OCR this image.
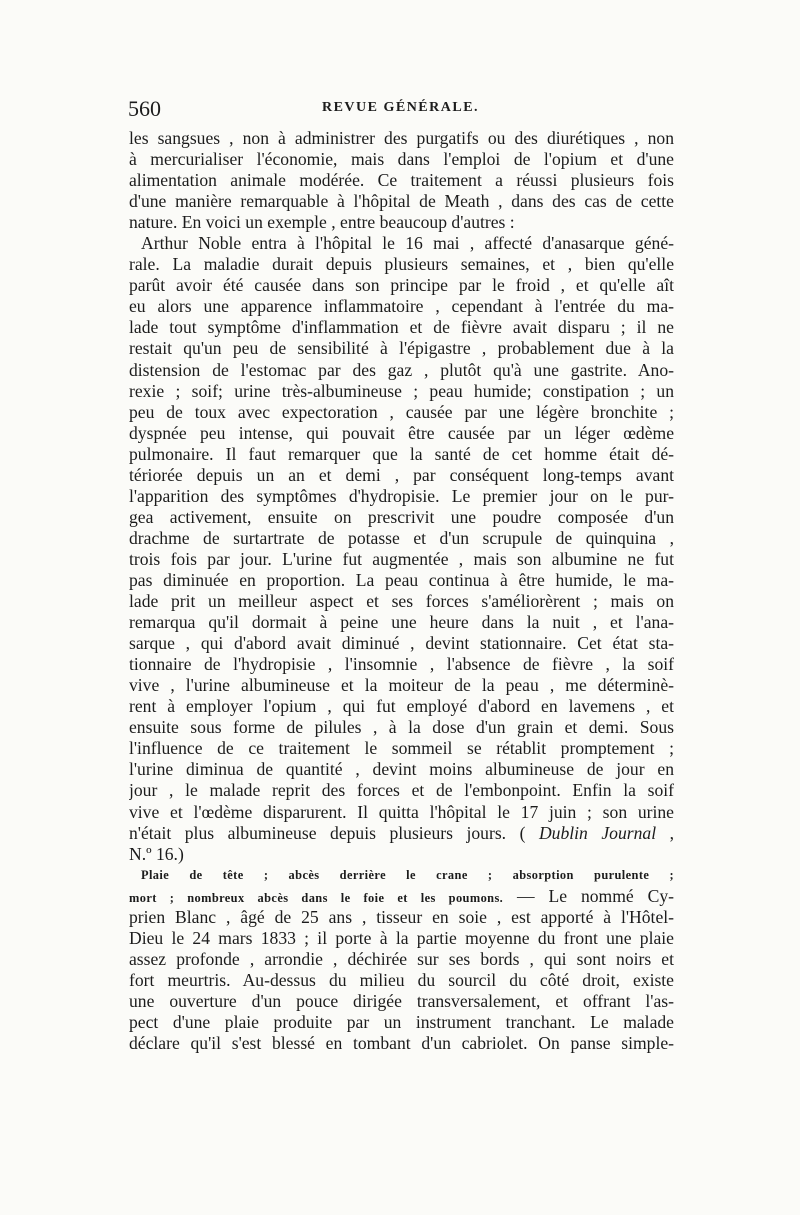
560	REVUE GÉNÉRALE.
les sangsues , non à administrer des purgatifs ou des diurétiques , non
à mercurialiser l'économie, mais dans l'emploi de l'opium et d'une
alimentation animale modérée. Ce traitement a réussi plusieurs fois
d'une manière remarquable à l'hôpital de Meath , dans des cas de cette
nature. En voici un exemple , entre beaucoup d'autres :
Arthur Noble entra à l'hôpital le 16 mai , affecté d'anasarque géné-
rale. La maladie durait depuis plusieurs semaines, et , bien qu'elle
parût avoir été causée dans son principe par le froid , et qu'elle aît
eu alors une apparence inflammatoire , cependant à l'entrée du ma-
lade tout symptôme d'inflammation et de fièvre avait disparu ; il ne
restait qu'un peu de sensibilité à l'épigastre , probablement due à la
distension de l'estomac par des gaz , plutôt qu'à une gastrite. Ano-
rexie ; soif; urine très-albumineuse ; peau humide; constipation ; un
peu de toux avec expectoration , causée par une légère bronchite ;
dyspnée peu intense, qui pouvait être causée par un léger œdème
pulmonaire. Il faut remarquer que la santé de cet homme était dé-
tériorée depuis un an et demi , par conséquent long-temps avant
l'apparition des symptômes d'hydropisie. Le premier jour on le pur-
gea activement, ensuite on prescrivit une poudre composée d'un
drachme de surtartrate de potasse et d'un scrupule de quinquina ,
trois fois par jour. L'urine fut augmentée , mais son albumine ne fut
pas diminuée en proportion. La peau continua à être humide, le ma-
lade prit un meilleur aspect et ses forces s'améliorèrent ; mais on
remarqua qu'il dormait à peine une heure dans la nuit , et l'ana-
sarque , qui d'abord avait diminué , devint stationnaire. Cet état sta-
tionnaire de l'hydropisie , l'insomnie , l'absence de fièvre , la soif
vive , l'urine albumineuse et la moiteur de la peau , me déterminè-
rent à employer l'opium , qui fut employé d'abord en lavemens , et
ensuite sous forme de pilules , à la dose d'un grain et demi. Sous
l'influence de ce traitement le sommeil se rétablit promptement ;
l'urine diminua de quantité , devint moins albumineuse de jour en
jour , le malade reprit des forces et de l'embonpoint. Enfin la soif
vive et l'œdème disparurent. Il quitta l'hôpital le 17 juin ; son urine
n'était plus albumineuse depuis plusieurs jours. ( Dublin Journal ,
N.º 16.)
Plaie de tête ; abcès derrière le crane ; absorption purulente ;
mort ; nombreux abcès dans le foie et les poumons. — Le nommé Cy-
prien Blanc , âgé de 25 ans , tisseur en soie , est apporté à l'Hôtel-
Dieu le 24 mars 1833 ; il porte à la partie moyenne du front une plaie
assez profonde , arrondie , déchirée sur ses bords , qui sont noirs et
fort meurtris. Au-dessus du milieu du sourcil du côté droit, existe
une ouverture d'un pouce dirigée transversalement, et offrant l'as-
pect d'une plaie produite par un instrument tranchant. Le malade
déclare qu'il s'est blessé en tombant d'un cabriolet. On panse simple-
